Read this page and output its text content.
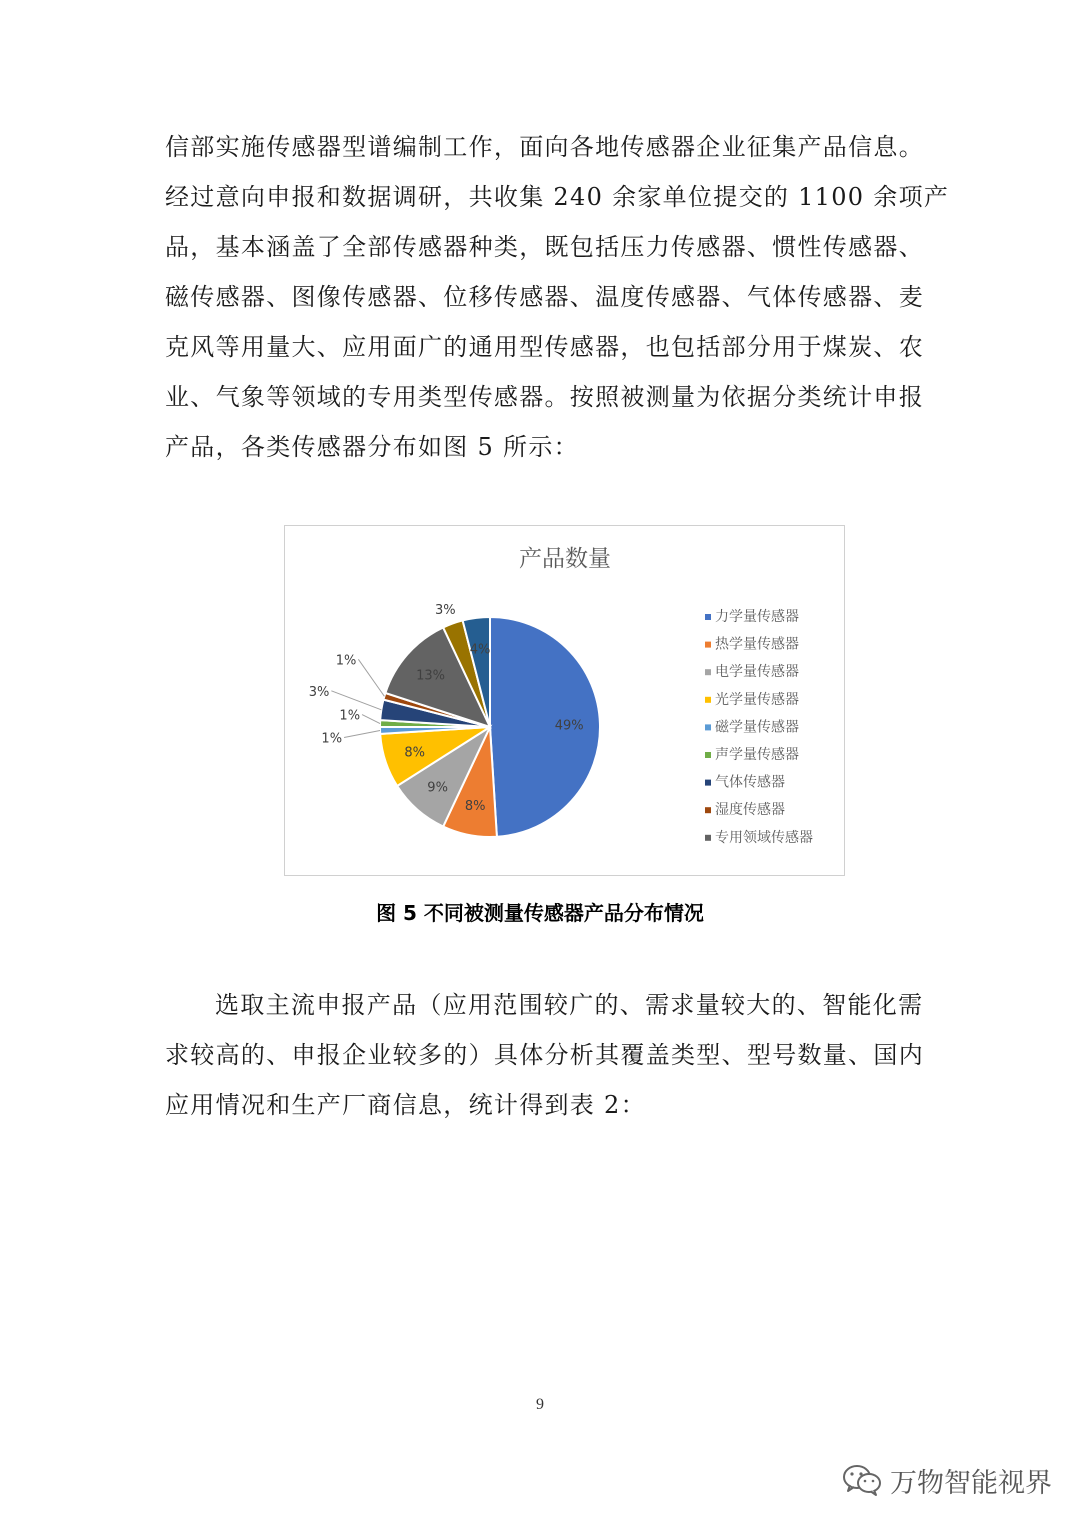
信部实施传感器型谱编制工作，面向各地传感器企业征集产品信息。
经过意向申报和数据调研，共收集 240 余家单位提交的 1100 余项产
品，基本涵盖了全部传感器种类，既包括压力传感器、惯性传感器、
磁传感器、图像传感器、位移传感器、温度传感器、气体传感器、麦
克风等用量大、应用面广的通用型传感器，也包括部分用于煤炭、农
业、气象等领域的专用类型传感器。按照被测量为依据分类统计申报
产品，各类传感器分布如图 5 所示：
产品数量
49%
8%
9%
8%
1%
1%
3%
1%
13%
3%
4%
力学量传感器
热学量传感器
电学量传感器
光学量传感器
磁学量传感器
声学量传感器
气体传感器
湿度传感器
专用领域传感器

图 5 不同被测量传感器产品分布情况

选取主流申报产品（应用范围较广的、需求量较大的、智能化需
求较高的、申报企业较多的）具体分析其覆盖类型、型号数量、国内
应用情况和生产厂商信息，统计得到表 2：
9
万物智能视界
